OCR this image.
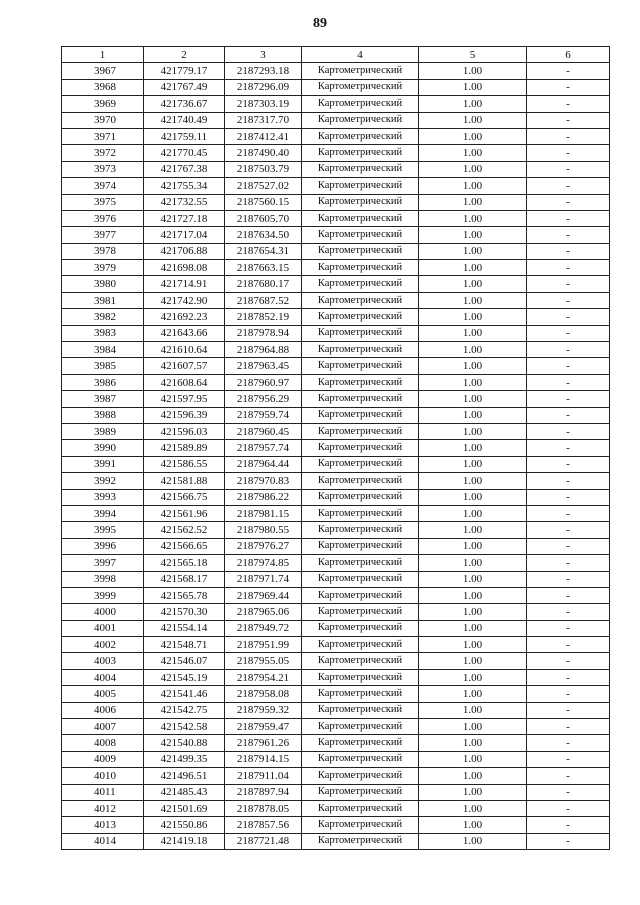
89
1	2	3	4	5	6
3967	421779.17	2187293.18	Картометрический	1.00	-
3968	421767.49	2187296.09	Картометрический	1.00	-
3969	421736.67	2187303.19	Картометрический	1.00	-
3970	421740.49	2187317.70	Картометрический	1.00	-
3971	421759.11	2187412.41	Картометрический	1.00	-
3972	421770.45	2187490.40	Картометрический	1.00	-
3973	421767.38	2187503.79	Картометрический	1.00	-
3974	421755.34	2187527.02	Картометрический	1.00	-
3975	421732.55	2187560.15	Картометрический	1.00	-
3976	421727.18	2187605.70	Картометрический	1.00	-
3977	421717.04	2187634.50	Картометрический	1.00	-
3978	421706.88	2187654.31	Картометрический	1.00	-
3979	421698.08	2187663.15	Картометрический	1.00	-
3980	421714.91	2187680.17	Картометрический	1.00	-
3981	421742.90	2187687.52	Картометрический	1.00	-
3982	421692.23	2187852.19	Картометрический	1.00	-
3983	421643.66	2187978.94	Картометрический	1.00	-
3984	421610.64	2187964.88	Картометрический	1.00	-
3985	421607.57	2187963.45	Картометрический	1.00	-
3986	421608.64	2187960.97	Картометрический	1.00	-
3987	421597.95	2187956.29	Картометрический	1.00	-
3988	421596.39	2187959.74	Картометрический	1.00	-
3989	421596.03	2187960.45	Картометрический	1.00	-
3990	421589.89	2187957.74	Картометрический	1.00	-
3991	421586.55	2187964.44	Картометрический	1.00	-
3992	421581.88	2187970.83	Картометрический	1.00	-
3993	421566.75	2187986.22	Картометрический	1.00	-
3994	421561.96	2187981.15	Картометрический	1.00	-
3995	421562.52	2187980.55	Картометрический	1.00	-
3996	421566.65	2187976.27	Картометрический	1.00	-
3997	421565.18	2187974.85	Картометрический	1.00	-
3998	421568.17	2187971.74	Картометрический	1.00	-
3999	421565.78	2187969.44	Картометрический	1.00	-
4000	421570.30	2187965.06	Картометрический	1.00	-
4001	421554.14	2187949.72	Картометрический	1.00	-
4002	421548.71	2187951.99	Картометрический	1.00	-
4003	421546.07	2187955.05	Картометрический	1.00	-
4004	421545.19	2187954.21	Картометрический	1.00	-
4005	421541.46	2187958.08	Картометрический	1.00	-
4006	421542.75	2187959.32	Картометрический	1.00	-
4007	421542.58	2187959.47	Картометрический	1.00	-
4008	421540.88	2187961.26	Картометрический	1.00	-
4009	421499.35	2187914.15	Картометрический	1.00	-
4010	421496.51	2187911.04	Картометрический	1.00	-
4011	421485.43	2187897.94	Картометрический	1.00	-
4012	421501.69	2187878.05	Картометрический	1.00	-
4013	421550.86	2187857.56	Картометрический	1.00	-
4014	421419.18	2187721.48	Картометрический	1.00	-
